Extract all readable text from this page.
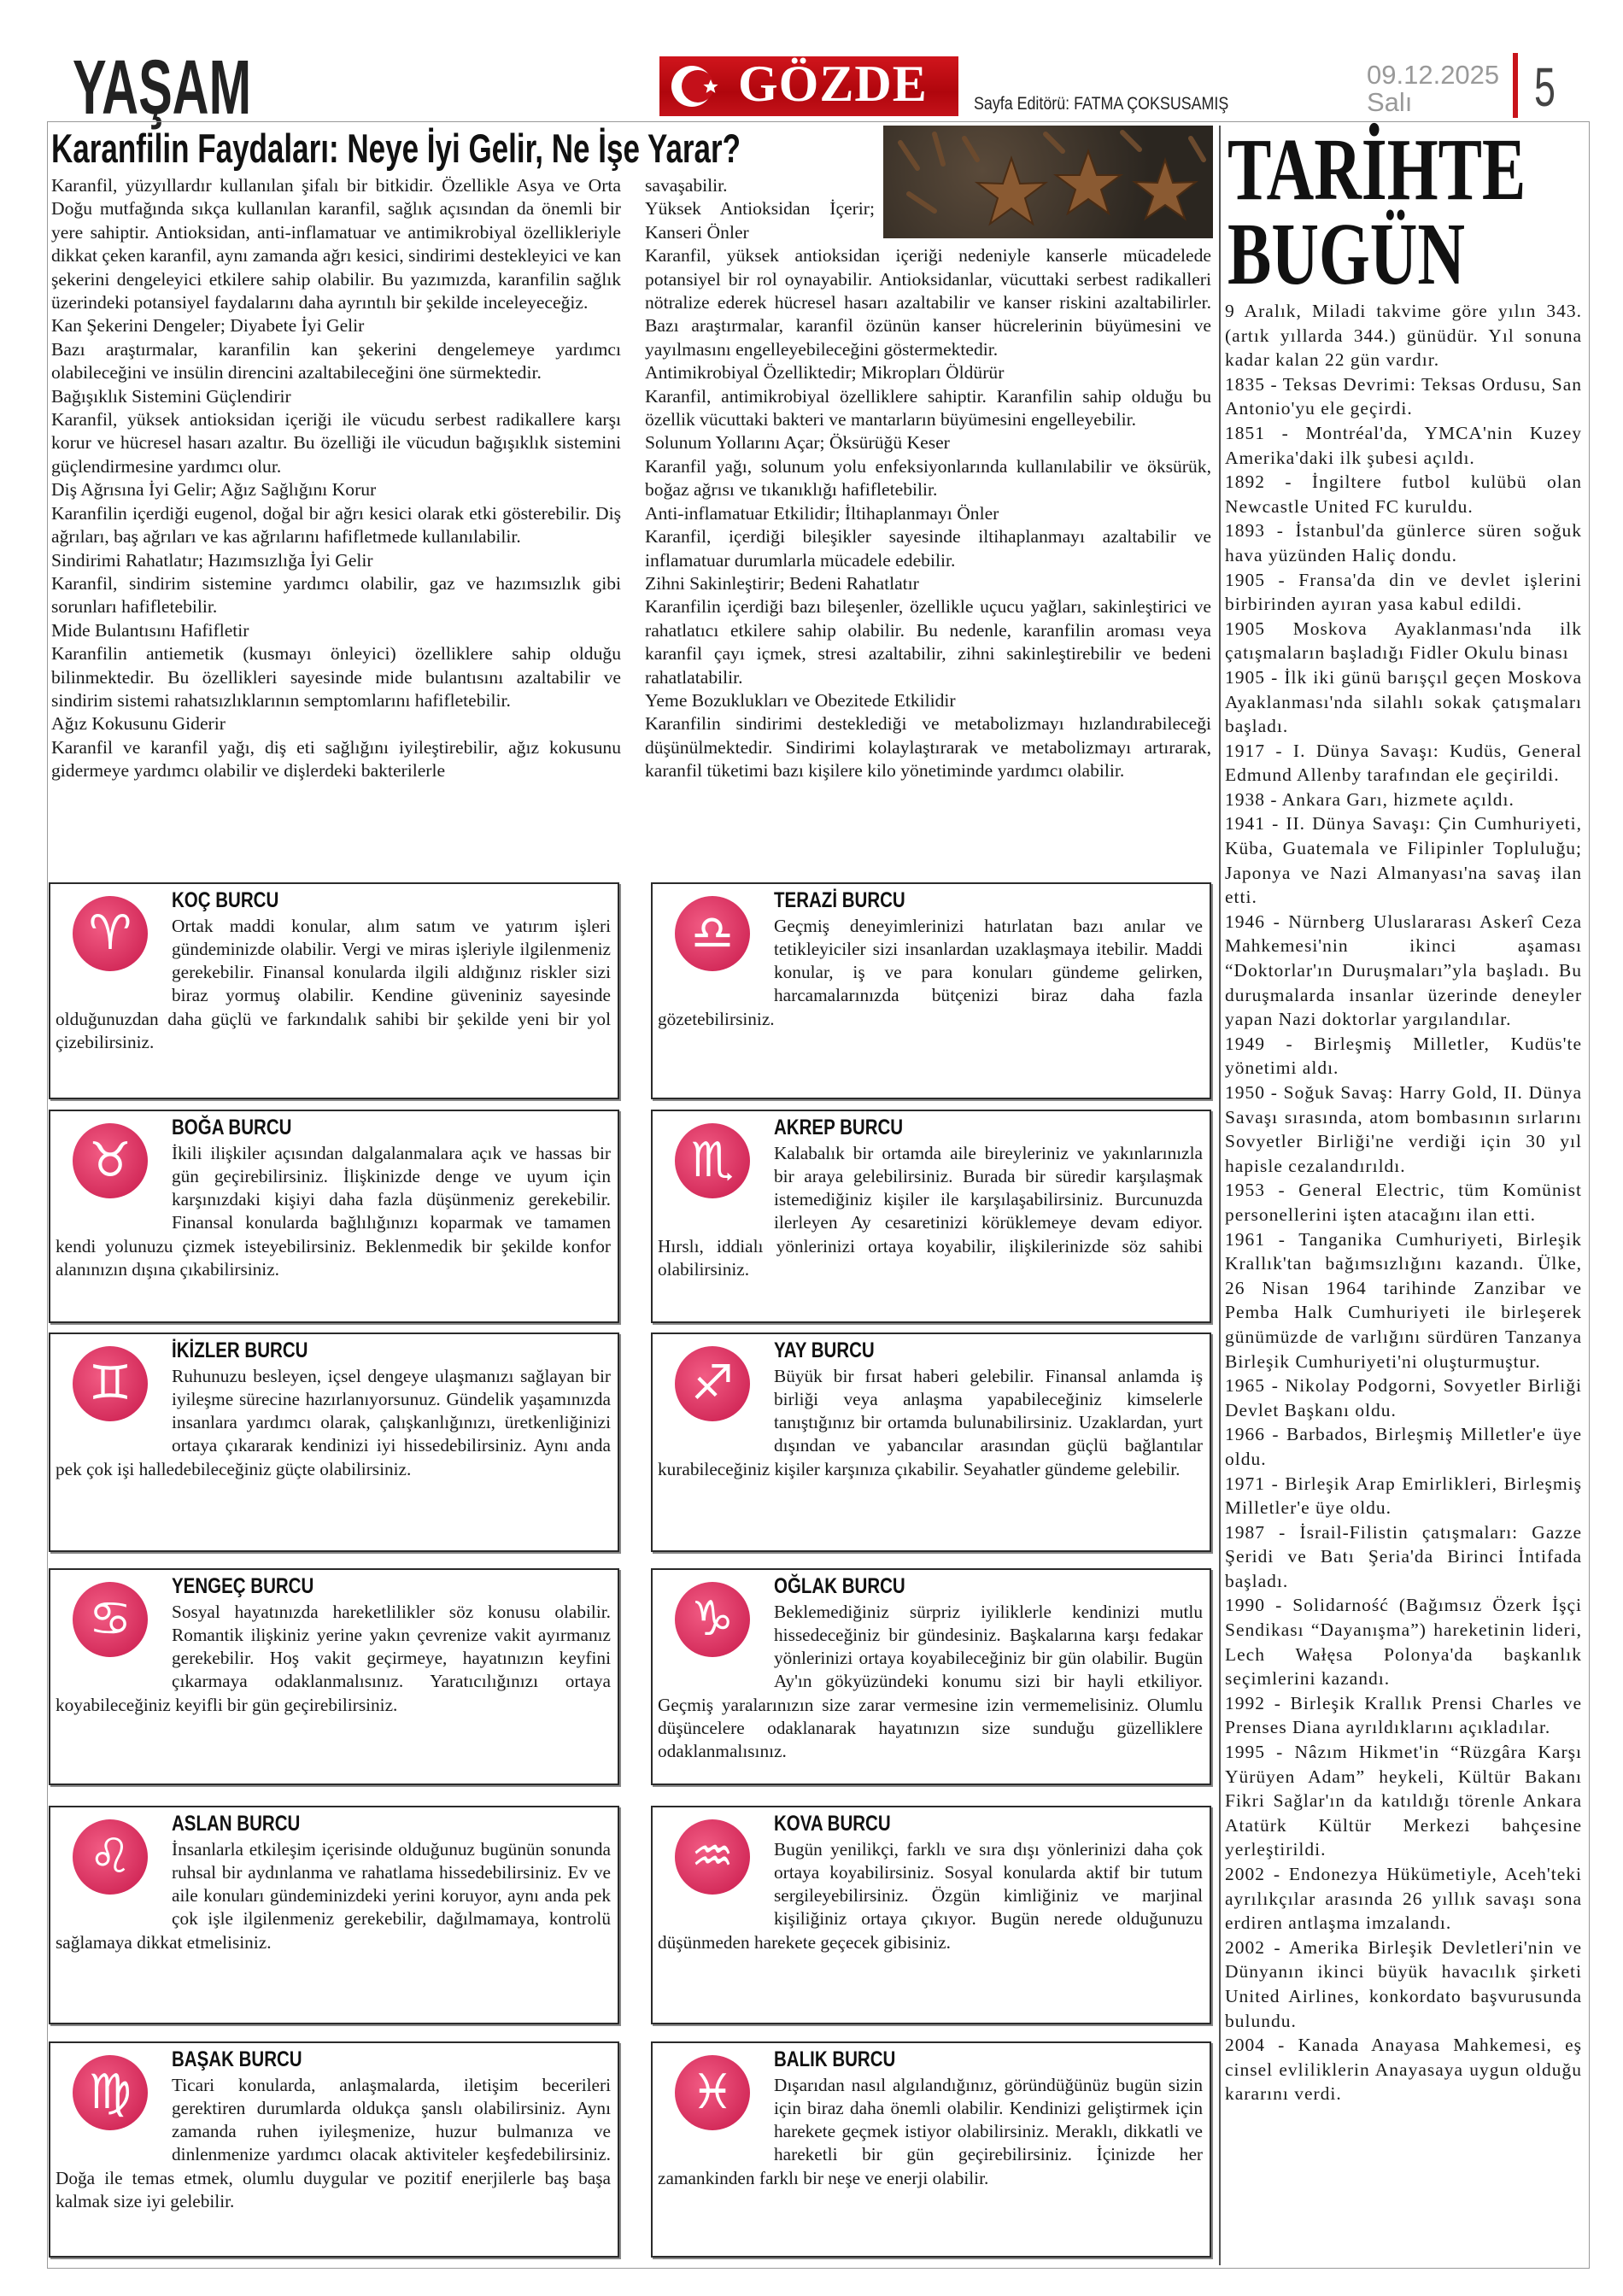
YAŞAM	GÖZDE	Sayfa Editörü: FATMA ÇOKSUSAMIŞ
09.12.2025
Salı 5
Karanfilin Faydaları: Neye İyi Gelir, Ne İşe Yarar?
Karanfil, yüzyıllardır kullanılan şifalı bir bitkidir. Özellikle Asya ve Orta Doğu mutfağında sıkça kullanılan karanfil, sağlık açısından da önemli bir yere sahiptir. Antioksidan, anti-inflamatuar ve antimikrobiyal özellikleriyle dikkat çeken karanfil, aynı zamanda ağrı kesici, sindirimi destekleyici ve kan şekerini dengeleyici etkilere sahip olabilir. Bu yazımızda, karanfilin sağlık üzerindeki potansiyel faydalarını daha ayrıntılı bir şekilde inceleyeceğiz.
Kan Şekerini Dengeler; Diyabete İyi Gelir
Bazı araştırmalar, karanfilin kan şekerini dengelemeye yardımcı olabileceğini ve insülin direncini azaltabileceğini öne sürmektedir.
Bağışıklık Sistemini Güçlendirir
Karanfil, yüksek antioksidan içeriği ile vücudu serbest radikallere karşı korur ve hücresel hasarı azaltır. Bu özelliği ile vücudun bağışıklık sistemini güçlendirmesine yardımcı olur.
Diş Ağrısına İyi Gelir; Ağız Sağlığını Korur
Karanfilin içerdiği eugenol, doğal bir ağrı kesici olarak etki gösterebilir. Diş ağrıları, baş ağrıları ve kas ağrılarını hafifletmede kullanılabilir.
Sindirimi Rahatlatır; Hazımsızlığa İyi Gelir
Karanfil, sindirim sistemine yardımcı olabilir, gaz ve hazımsızlık gibi sorunları hafifletebilir.
Mide Bulantısını Hafifletir
Karanfilin antiemetik (kusmayı önleyici) özelliklere sahip olduğu bilinmektedir. Bu özellikleri sayesinde mide bulantısını azaltabilir ve sindirim sistemi rahatsızlıklarının semptomlarını hafifletebilir.
Ağız Kokusunu Giderir
Karanfil ve karanfil yağı, diş eti sağlığını iyileştirebilir, ağız kokusunu gidermeye yardımcı olabilir ve dişlerdeki bakterilerle
savaşabilir.
Yüksek Antioksidan İçerir; Kanseri Önler
Karanfil, yüksek antioksidan içeriği nedeniyle kanserle mücadelede potansiyel bir rol oynayabilir. Antioksidanlar, vücuttaki serbest radikalleri nötralize ederek hücresel hasarı azaltabilir ve kanser riskini azaltabilirler. Bazı araştırmalar, karanfil özünün kanser hücrelerinin büyümesini ve yayılmasını engelleyebileceğini göstermektedir.
Antimikrobiyal Özelliktedir; Mikropları Öldürür
Karanfil, antimikrobiyal özelliklere sahiptir. Karanfilin sahip olduğu bu özellik vücuttaki bakteri ve mantarların büyümesini engelleyebilir.
Solunum Yollarını Açar; Öksürüğü Keser
Karanfil yağı, solunum yolu enfeksiyonlarında kullanılabilir ve öksürük, boğaz ağrısı ve tıkanıklığı hafifletebilir.
Anti-inflamatuar Etkilidir; İltihaplanmayı Önler
Karanfil, içerdiği bileşikler sayesinde iltihaplanmayı azaltabilir ve inflamatuar durumlarla mücadele edebilir.
Zihni Sakinleştirir; Bedeni Rahatlatır
Karanfilin içerdiği bazı bileşenler, özellikle uçucu yağları, sakinleştirici ve rahatlatıcı etkilere sahip olabilir. Bu nedenle, karanfilin aroması veya karanfil çayı içmek, stresi azaltabilir, zihni sakinleştirebilir ve bedeni rahatlatabilir.
Yeme Bozuklukları ve Obezitede Etkilidir
Karanfilin sindirimi desteklediği ve metabolizmayı hızlandırabileceği düşünülmektedir. Sindirimi kolaylaştırarak ve metabolizmayı artırarak, karanfil tüketimi bazı kişilere kilo yönetiminde yardımcı olabilir.
TARİHTE
BUGÜN
9 Aralık, Miladi takvime göre yılın 343. (artık yıllarda 344.) günüdür. Yıl sonuna kadar kalan 22 gün vardır.
1835 - Teksas Devrimi: Teksas Ordusu, San Antonio'yu ele geçirdi.
1851 - Montréal'da, YMCA'nin Kuzey Amerika'daki ilk şubesi açıldı.
1892 - İngiltere futbol kulübü olan Newcastle United FC kuruldu.
1893 - İstanbul'da günlerce süren soğuk hava yüzünden Haliç dondu.
1905 - Fransa'da din ve devlet işlerini birbirinden ayıran yasa kabul edildi.
1905 Moskova Ayaklanması'nda ilk çatışmaların başladığı Fidler Okulu binası
1905 - İlk iki günü barışçıl geçen Moskova Ayaklanması'nda silahlı sokak çatışmaları başladı.
1917 - I. Dünya Savaşı: Kudüs, General Edmund Allenby tarafından ele geçirildi.
1938 - Ankara Garı, hizmete açıldı.
1941 - II. Dünya Savaşı: Çin Cumhuriyeti, Küba, Guatemala ve Filipinler Topluluğu; Japonya ve Nazi Almanyası'na savaş ilan etti.
1946 - Nürnberg Uluslararası Askerî Ceza Mahkemesi'nin ikinci aşaması “Doktorlar'ın Duruşmaları”yla başladı. Bu duruşmalarda insanlar üzerinde deneyler yapan Nazi doktorlar yargılandılar.
1949 - Birleşmiş Milletler, Kudüs'te yönetimi aldı.
1950 - Soğuk Savaş: Harry Gold, II. Dünya Savaşı sırasında, atom bombasının sırlarını Sovyetler Birliği'ne verdiği için 30 yıl hapisle cezalandırıldı.
1953 - General Electric, tüm Komünist personellerini işten atacağını ilan etti.
1961 - Tanganika Cumhuriyeti, Birleşik Krallık'tan bağımsızlığını kazandı. Ülke, 26 Nisan 1964 tarihinde Zanzibar ve Pemba Halk Cumhuriyeti ile birleşerek günümüzde de varlığını sürdüren Tanzanya Birleşik Cumhuriyeti'ni oluşturmuştur.
1965 - Nikolay Podgorni, Sovyetler Birliği Devlet Başkanı oldu.
1966 - Barbados, Birleşmiş Milletler'e üye oldu.
1971 - Birleşik Arap Emirlikleri, Birleşmiş Milletler'e üye oldu.
1987 - İsrail-Filistin çatışmaları: Gazze Şeridi ve Batı Şeria'da Birinci İntifada başladı.
1990 - Solidarność (Bağımsız Özerk İşçi Sendikası “Dayanışma”) hareketinin lideri, Lech Wałęsa Polonya'da başkanlık seçimlerini kazandı.
1992 - Birleşik Krallık Prensi Charles ve Prenses Diana ayrıldıklarını açıkladılar.
1995 - Nâzım Hikmet'in “Rüzgâra Karşı Yürüyen Adam” heykeli, Kültür Bakanı Fikri Sağlar'ın da katıldığı törenle Ankara Atatürk Kültür Merkezi bahçesine yerleştirildi.
2002 - Endonezya Hükümetiyle, Aceh'teki ayrılıkçılar arasında 26 yıllık savaşı sona erdiren antlaşma imzalandı.
2002 - Amerika Birleşik Devletleri'nin ve Dünyanın ikinci büyük havacılık şirketi United Airlines, konkordato başvurusunda bulundu.
2004 - Kanada Anayasa Mahkemesi, eş cinsel evliliklerin Anayasaya uygun olduğu kararını verdi.
♈
KOÇ BURCU
Ortak maddi konular, alım satım ve yatırım işleri gündeminizde olabilir. Vergi ve miras işleriyle ilgilenmeniz gerekebilir. Finansal konularda ilgili aldığınız riskler sizi biraz yormuş olabilir. Kendine güveniniz sayesinde olduğunuzdan daha güçlü ve farkındalık sahibi bir şekilde yeni bir yol çizebilirsiniz.
♎
TERAZİ BURCU
Geçmiş deneyimlerinizi hatırlatan bazı anılar ve tetikleyiciler sizi insanlardan uzaklaşmaya itebilir. Maddi konular, iş ve para konuları gündeme gelirken, harcamalarınızda bütçenizi biraz daha fazla gözetebilirsiniz.
♉
BOĞA BURCU
İkili ilişkiler açısından dalgalanmalara açık ve hassas bir gün geçirebilirsiniz. İlişkinizde denge ve uyum için karşınızdaki kişiyi daha fazla düşünmeniz gerekebilir. Finansal konularda bağlılığınızı koparmak ve tamamen kendi yolunuzu çizmek isteyebilirsiniz. Beklenmedik bir şekilde konfor alanınızın dışına çıkabilirsiniz.
♏
AKREP BURCU
Kalabalık bir ortamda aile bireyleriniz ve yakınlarınızla bir araya gelebilirsiniz. Burada bir süredir karşılaşmak istemediğiniz kişiler ile karşılaşabilirsiniz. Burcunuzda ilerleyen Ay cesaretinizi körüklemeye devam ediyor. Hırslı, iddialı yönlerinizi ortaya koyabilir, ilişkilerinizde söz sahibi olabilirsiniz.
♊
İKİZLER BURCU
Ruhunuzu besleyen, içsel dengeye ulaşmanızı sağlayan bir iyileşme sürecine hazırlanıyorsunuz. Gündelik yaşamınızda insanlara yardımcı olarak, çalışkanlığınızı, üretkenliğinizi ortaya çıkararak kendinizi iyi hissedebilirsiniz. Aynı anda pek çok işi halledebileceğiniz güçte olabilirsiniz.
♐
YAY BURCU
Büyük bir fırsat haberi gelebilir. Finansal anlamda iş birliği veya anlaşma yapabileceğiniz kimselerle tanıştığınız bir ortamda bulunabilirsiniz. Uzaklardan, yurt dışından ve yabancılar arasından güçlü bağlantılar kurabileceğiniz kişiler karşınıza çıkabilir. Seyahatler gündeme gelebilir.
♋
YENGEÇ BURCU
Sosyal hayatınızda hareketlilikler söz konusu olabilir. Romantik ilişkiniz yerine yakın çevrenize vakit ayırmanız gerekebilir. Hoş vakit geçirmeye, hayatınızın keyfini çıkarmaya odaklanmalısınız. Yaratıcılığınızı ortaya koyabileceğiniz keyifli bir gün geçirebilirsiniz.
♑
OĞLAK BURCU
Beklemediğiniz sürpriz iyiliklerle kendinizi mutlu hissedeceğiniz bir gündesiniz. Başkalarına karşı fedakar yönlerinizi ortaya koyabileceğiniz bir gün olabilir. Bugün Ay'ın gökyüzündeki konumu sizi bir hayli etkiliyor. Geçmiş yaralarınızın size zarar vermesine izin vermemelisiniz. Olumlu düşüncelere odaklanarak hayatınızın size sunduğu güzelliklere odaklanmalısınız.
♌
ASLAN BURCU
İnsanlarla etkileşim içerisinde olduğunuz bugünün sonunda ruhsal bir aydınlanma ve rahatlama hissedebilirsiniz. Ev ve aile konuları gündeminizdeki yerini koruyor, aynı anda pek çok işle ilgilenmeniz gerekebilir, dağılmamaya, kontrolü sağlamaya dikkat etmelisiniz.
♒
KOVA BURCU
Bugün yenilikçi, farklı ve sıra dışı yönlerinizi daha çok ortaya koyabilirsiniz. Sosyal konularda aktif bir tutum sergileyebilirsiniz. Özgün kimliğiniz ve marjinal kişiliğiniz ortaya çıkıyor. Bugün nerede olduğunuzu düşünmeden harekete geçecek gibisiniz.
♍
BAŞAK BURCU
Ticari konularda, anlaşmalarda, iletişim becerileri gerektiren durumlarda oldukça şanslı olabilirsiniz. Aynı zamanda ruhen iyileşmenize, huzur bulmanıza ve dinlenmenize yardımcı olacak aktiviteler keşfedebilirsiniz. Doğa ile temas etmek, olumlu duygular ve pozitif enerjilerle baş başa kalmak size iyi gelebilir.
♓
BALIK BURCU
Dışarıdan nasıl algılandığınız, göründüğünüz bugün sizin için biraz daha önemli olabilir. Kendinizi geliştirmek için harekete geçmek istiyor olabilirsiniz. Meraklı, dikkatli ve hareketli bir gün geçirebilirsiniz. İçinizde her zamankinden farklı bir neşe ve enerji olabilir.
